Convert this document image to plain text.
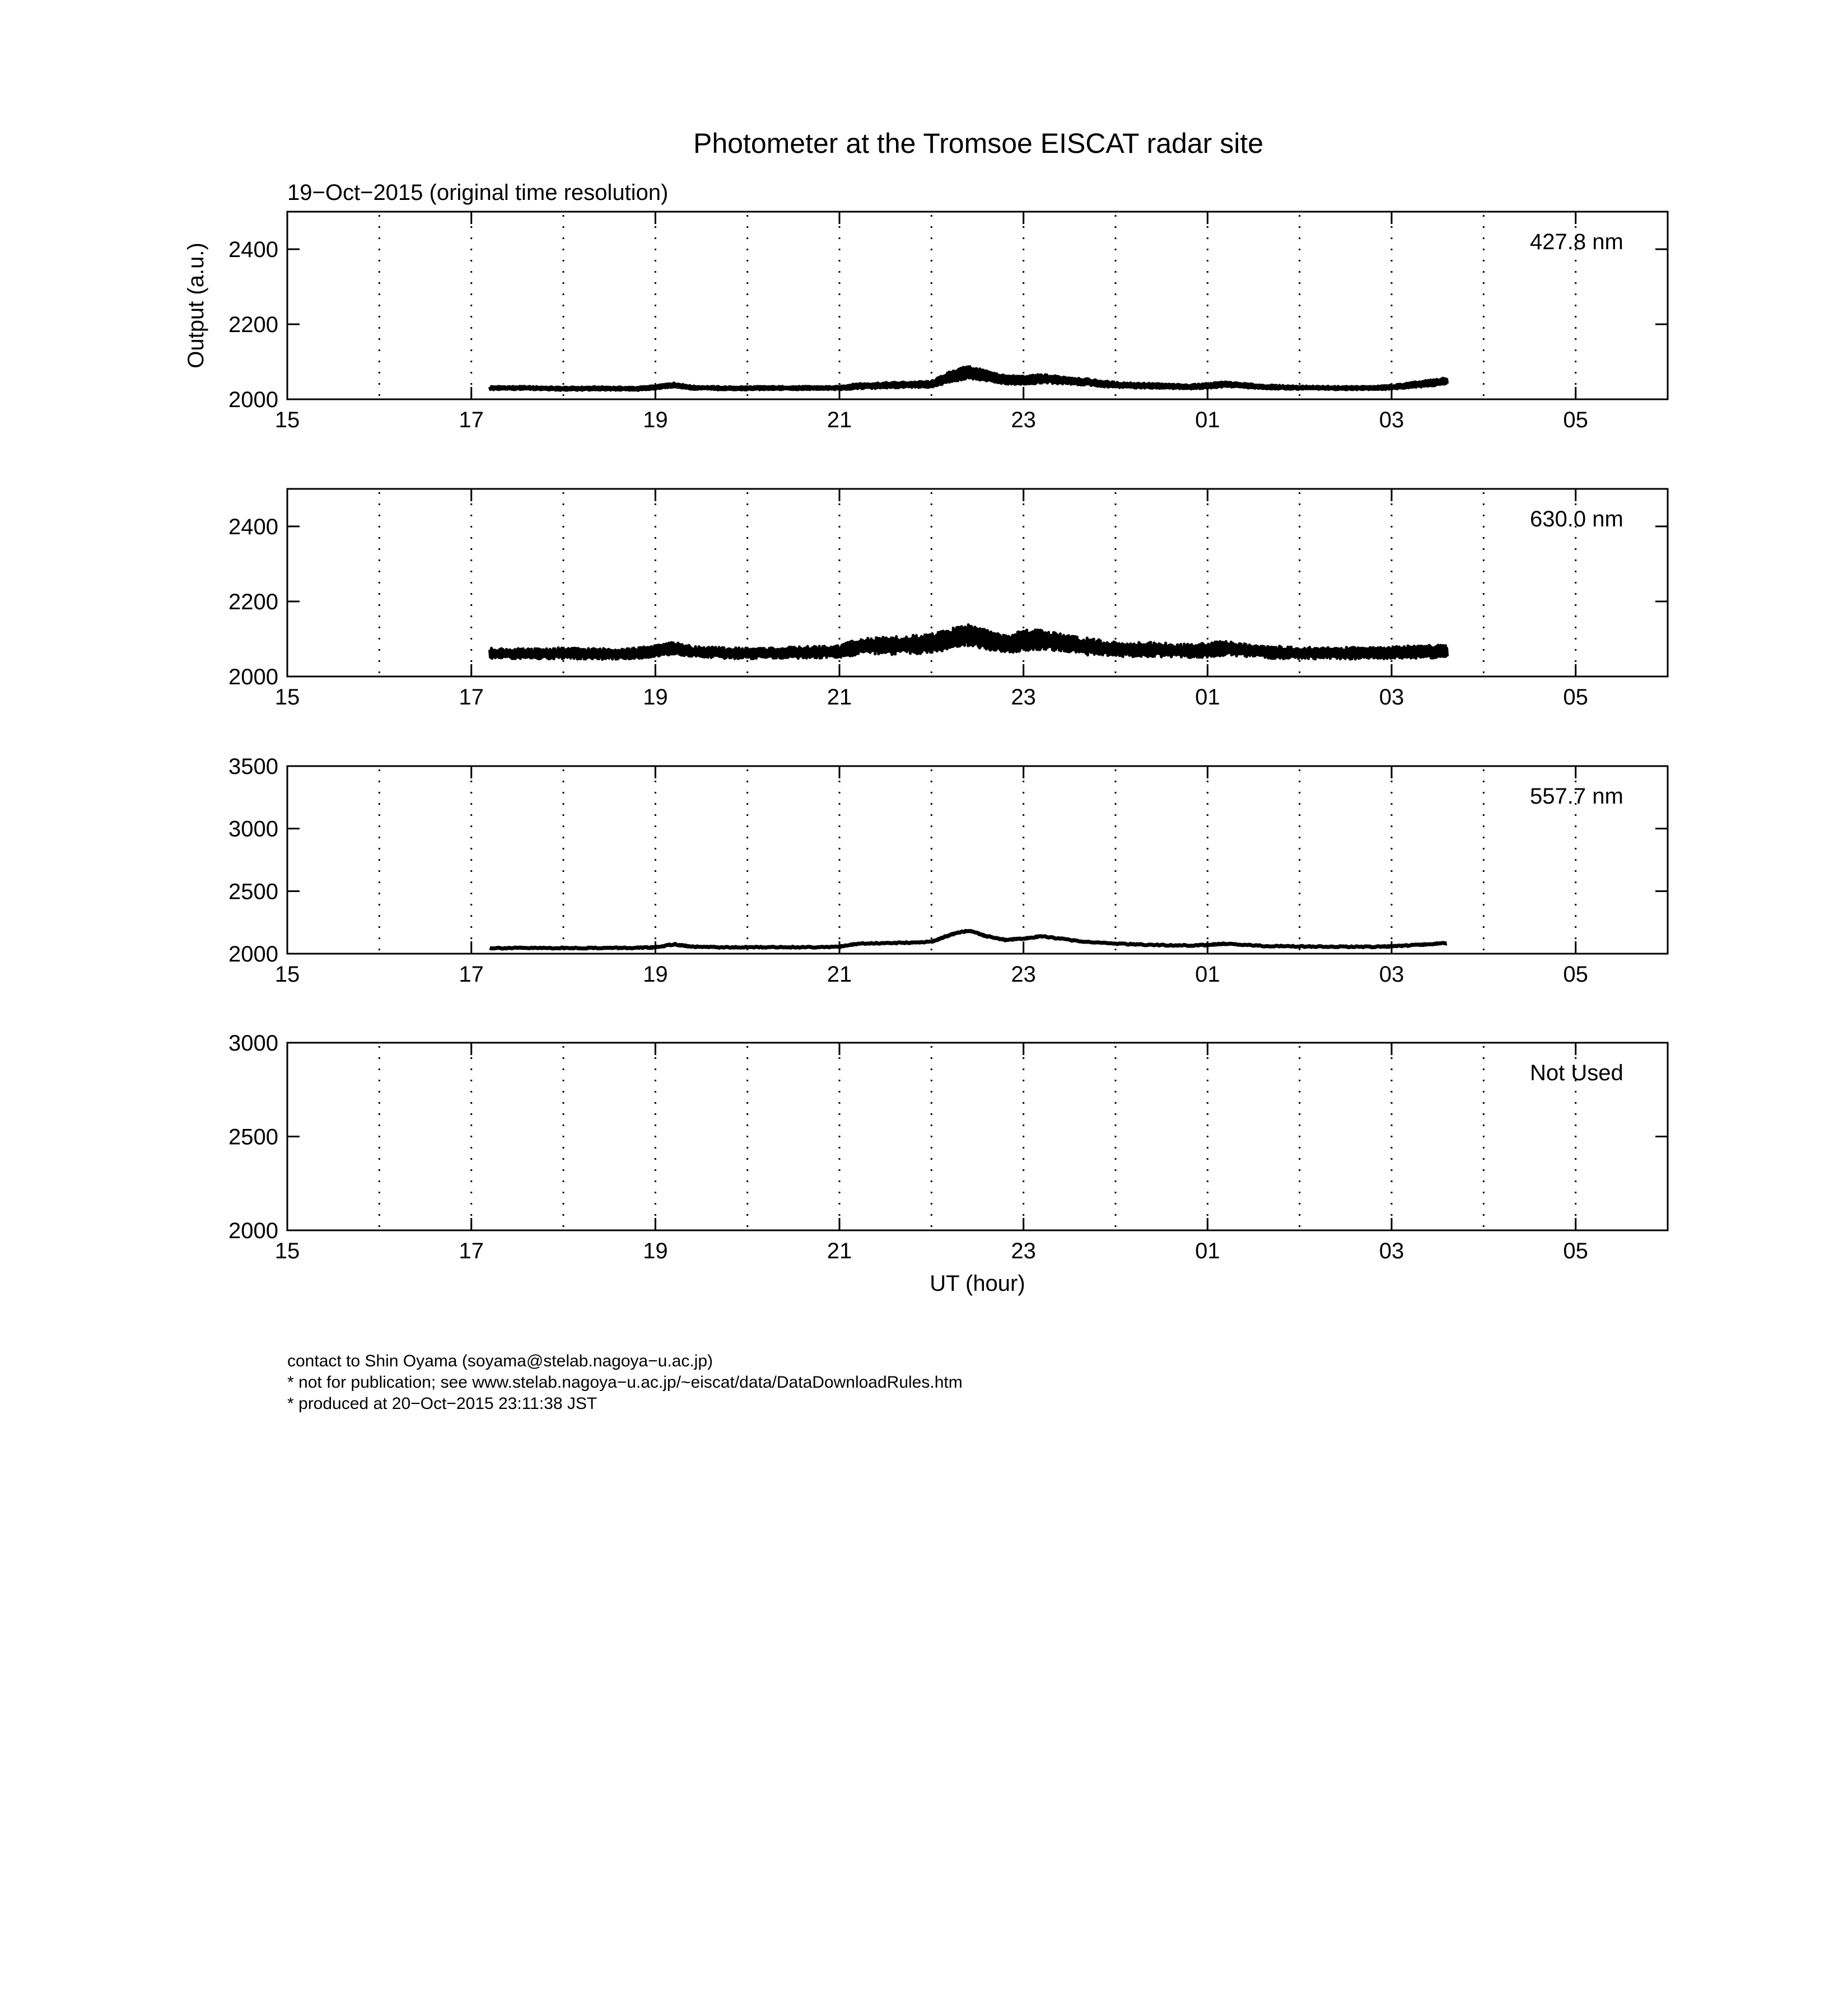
Photometer at the Tromsoe EISCAT radar site
19−Oct−2015 (original time resolution)
15	17	19	21	23	01	03	05
2000
2200
2400	427.8 nm
Output (a.u.)
15	17	19	21	23	01	03	05
2000
2200
2400	630.0 nm
15	17	19	21	23	01	03	05
2000
2500
3000
3500
557.7 nm
15	17	19	21	23	01	03	05
2000
2500
3000
Not Used
UT (hour)
contact to Shin Oyama (soyama@stelab.nagoya−u.ac.jp)
* not for publication; see www.stelab.nagoya−u.ac.jp/~eiscat/data/DataDownloadRules.htm
* produced at 20−Oct−2015 23:11:38 JST
